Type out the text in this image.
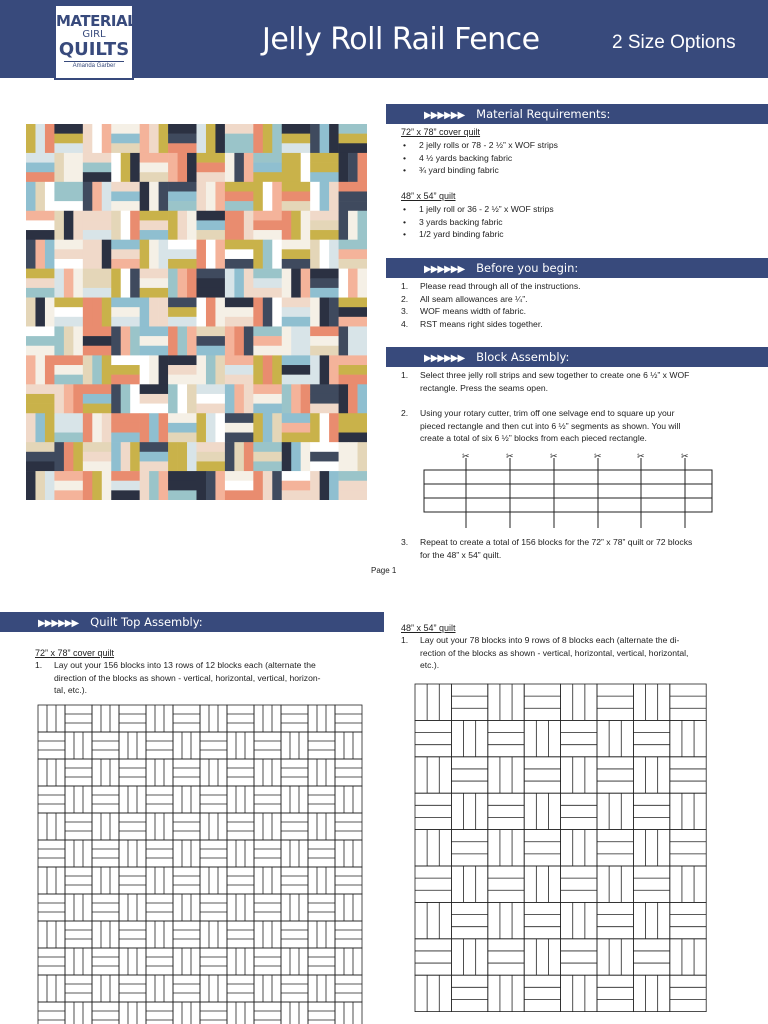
MATERIAL
GIRL
QUILTS
Amanda Garber
Jelly Roll Rail Fence	2 Size Options
▶▶▶▶▶▶ Material Requirements:
72” x 78” cover quilt
• 2 jelly rolls or 78 - 2 ½” x WOF strips
• 4 ½ yards backing fabric
• ¾ yard binding fabric
48” x 54” quilt
• 1 jelly roll or 36 - 2 ½” x WOF strips
• 3 yards backing fabric
• 1/2 yard binding fabric
▶▶▶▶▶▶ Before you begin:
1. Please read through all of the instructions.
2. All seam allowances are ¼”.
3. WOF means width of fabric.
4. RST means right sides together.
▶▶▶▶▶▶ Block Assembly:
1.	Select three jelly roll strips and sew together to create one 6 ½” x WOF
rectangle. Press the seams open.
2.	Using your rotary cutter, trim off one selvage end to square up your
pieced rectangle and then cut into 6 ½” segments as shown. You will
create a total of six 6 ½” blocks from each pieced rectangle.
✂	✂	✂	✂	✂	✂
3.	Repeat to create a total of 156 blocks for the 72” x 78” quilt or 72 blocks
for the 48” x 54” quilt.
Page 1
▶▶▶▶▶▶ Quilt Top Assembly:
72” x 78” cover quilt
1.	Lay out your 156 blocks into 13 rows of 12 blocks each (alternate the
direction of the blocks as shown - vertical, horizontal, vertical, horizon-
tal, etc.).
48” x 54” quilt
1.	Lay out your 78 blocks into 9 rows of 8 blocks each (alternate the di-
rection of the blocks as shown - vertical, horizontal, vertical, horizontal,
etc.).
